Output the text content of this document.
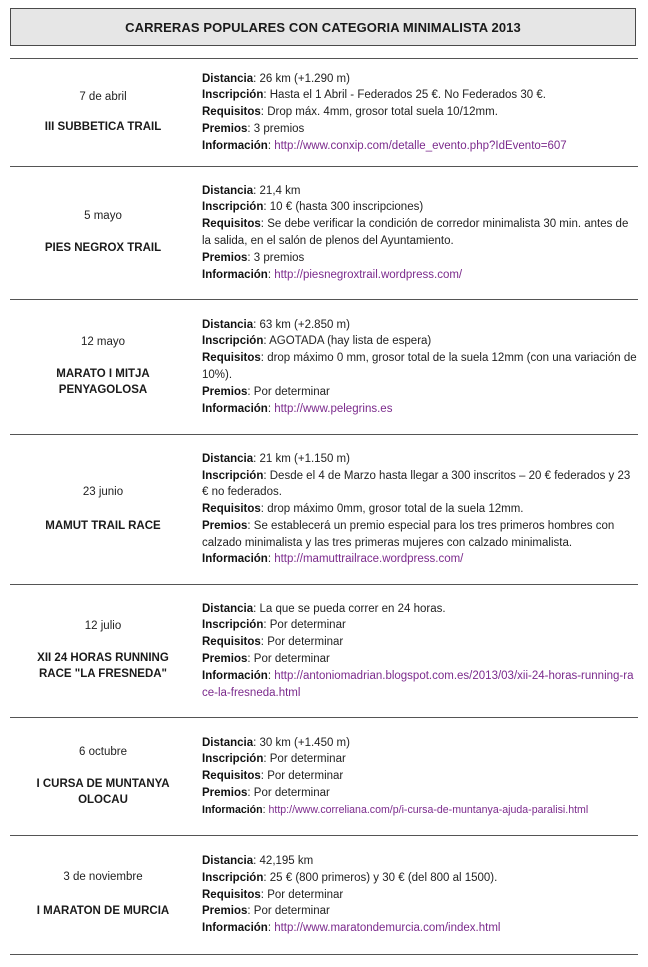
CARRERAS POPULARES CON CATEGORIA MINIMALISTA 2013
7 de abril
III SUBBETICA TRAIL
Distancia: 26 km (+1.290 m)
Inscripción: Hasta el 1 Abril - Federados 25 €. No Federados 30 €.
Requisitos: Drop máx. 4mm, grosor total suela 10/12mm.
Premios: 3 premios
Información: http://www.conxip.com/detalle_evento.php?IdEvento=607
5 mayo
PIES NEGROX TRAIL
Distancia: 21,4 km
Inscripción: 10 € (hasta 300 inscripciones)
Requisitos: Se debe verificar la condición de corredor minimalista 30 min. antes de la salida, en el salón de plenos del Ayuntamiento.
Premios: 3 premios
Información: http://piesnegroxtrail.wordpress.com/
12 mayo
MARATO I MITJA PENYAGOLOSA
Distancia: 63 km (+2.850 m)
Inscripción: AGOTADA (hay lista de espera)
Requisitos: drop máximo 0 mm, grosor total de la suela 12mm (con una variación de 10%).
Premios: Por determinar
Información: http://www.pelegrins.es
23 junio
MAMUT TRAIL RACE
Distancia: 21 km (+1.150 m)
Inscripción: Desde el 4 de Marzo hasta llegar a 300 inscritos – 20 € federados y 23 € no federados.
Requisitos: drop máximo 0mm, grosor total de la suela 12mm.
Premios: Se establecerá un premio especial para los tres primeros hombres con calzado minimalista y las tres primeras mujeres con calzado minimalista.
Información: http://mamuttrailrace.wordpress.com/
12 julio
XII 24 HORAS RUNNING RACE "LA FRESNEDA"
Distancia: La que se pueda correr en 24 horas.
Inscripción: Por determinar
Requisitos: Por determinar
Premios: Por determinar
Información: http://antoniomadrian.blogspot.com.es/2013/03/xii-24-horas-running-race-la-fresneda.html
6 octubre
I CURSA DE MUNTANYA OLOCAU
Distancia: 30 km (+1.450 m)
Inscripción: Por determinar
Requisitos: Por determinar
Premios: Por determinar
Información: http://www.correliana.com/p/i-cursa-de-muntanya-ajuda-paralisi.html
3 de noviembre
I MARATON DE MURCIA
Distancia: 42,195 km
Inscripción: 25 € (800 primeros) y 30 € (del 800 al 1500).
Requisitos: Por determinar
Premios: Por determinar
Información: http://www.maratondemurcia.com/index.html
